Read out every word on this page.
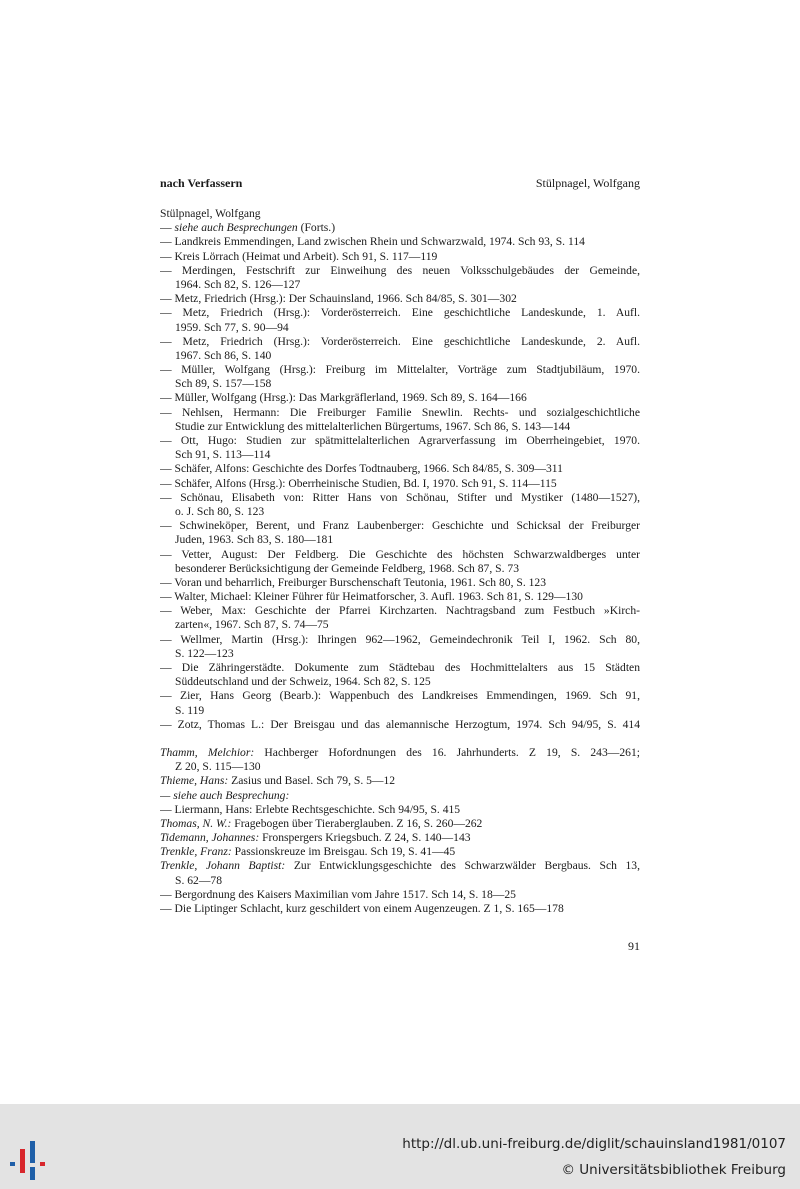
nach Verfassern	Stülpnagel, Wolfgang
Stülpnagel, Wolfgang
— siehe auch Besprechungen (Forts.)
— Landkreis Emmendingen, Land zwischen Rhein und Schwarzwald, 1974. Sch 93, S. 114
— Kreis Lörrach (Heimat und Arbeit). Sch 91, S. 117—119
— Merdingen, Festschrift zur Einweihung des neuen Volksschulgebäudes der Gemeinde,
1964. Sch 82, S. 126—127
— Metz, Friedrich (Hrsg.): Der Schauinsland, 1966. Sch 84/85, S. 301—302
— Metz, Friedrich (Hrsg.): Vorderösterreich. Eine geschichtliche Landeskunde, 1. Aufl.
1959. Sch 77, S. 90—94
— Metz, Friedrich (Hrsg.): Vorderösterreich. Eine geschichtliche Landeskunde, 2. Aufl.
1967. Sch 86, S. 140
— Müller, Wolfgang (Hrsg.): Freiburg im Mittelalter, Vorträge zum Stadtjubiläum, 1970.
Sch 89, S. 157—158
— Müller, Wolfgang (Hrsg.): Das Markgräflerland, 1969. Sch 89, S. 164—166
— Nehlsen, Hermann: Die Freiburger Familie Snewlin. Rechts- und sozialgeschichtliche
Studie zur Entwicklung des mittelalterlichen Bürgertums, 1967. Sch 86, S. 143—144
— Ott, Hugo: Studien zur spätmittelalterlichen Agrarverfassung im Oberrheingebiet, 1970.
Sch 91, S. 113—114
— Schäfer, Alfons: Geschichte des Dorfes Todtnauberg, 1966. Sch 84/85, S. 309—311
— Schäfer, Alfons (Hrsg.): Oberrheinische Studien, Bd. I, 1970. Sch 91, S. 114—115
— Schönau, Elisabeth von: Ritter Hans von Schönau, Stifter und Mystiker (1480—1527),
o. J. Sch 80, S. 123
— Schwineköper, Berent, und Franz Laubenberger: Geschichte und Schicksal der Freiburger
Juden, 1963. Sch 83, S. 180—181
— Vetter, August: Der Feldberg. Die Geschichte des höchsten Schwarzwaldberges unter
besonderer Berücksichtigung der Gemeinde Feldberg, 1968. Sch 87, S. 73
— Voran und beharrlich, Freiburger Burschenschaft Teutonia, 1961. Sch 80, S. 123
— Walter, Michael: Kleiner Führer für Heimatforscher, 3. Aufl. 1963. Sch 81, S. 129—130
— Weber, Max: Geschichte der Pfarrei Kirchzarten. Nachtragsband zum Festbuch »Kirch-
zarten«, 1967. Sch 87, S. 74—75
— Wellmer, Martin (Hrsg.): Ihringen 962—1962, Gemeindechronik Teil I, 1962. Sch 80,
S. 122—123
— Die Zähringerstädte. Dokumente zum Städtebau des Hochmittelalters aus 15 Städten
Süddeutschland und der Schweiz, 1964. Sch 82, S. 125
— Zier, Hans Georg (Bearb.): Wappenbuch des Landkreises Emmendingen, 1969. Sch 91,
S. 119
— Zotz, Thomas L.: Der Breisgau und das alemannische Herzogtum, 1974. Sch 94/95, S. 414
Thamm, Melchior: Hachberger Hofordnungen des 16. Jahrhunderts. Z 19, S. 243—261;
Z 20, S. 115—130
Thieme, Hans: Zasius und Basel. Sch 79, S. 5—12
— siehe auch Besprechung:
— Liermann, Hans: Erlebte Rechtsgeschichte. Sch 94/95, S. 415
Thomas, N. W.: Fragebogen über Tieraberglauben. Z 16, S. 260—262
Tidemann, Johannes: Fronspergers Kriegsbuch. Z 24, S. 140—143
Trenkle, Franz: Passionskreuze im Breisgau. Sch 19, S. 41—45
Trenkle, Johann Baptist: Zur Entwicklungsgeschichte des Schwarzwälder Bergbaus. Sch 13,
S. 62—78
— Bergordnung des Kaisers Maximilian vom Jahre 1517. Sch 14, S. 18—25
— Die Liptinger Schlacht, kurz geschildert von einem Augenzeugen. Z 1, S. 165—178
91
http://dl.ub.uni-freiburg.de/diglit/schauinsland1981/0107
© Universitätsbibliothek Freiburg
